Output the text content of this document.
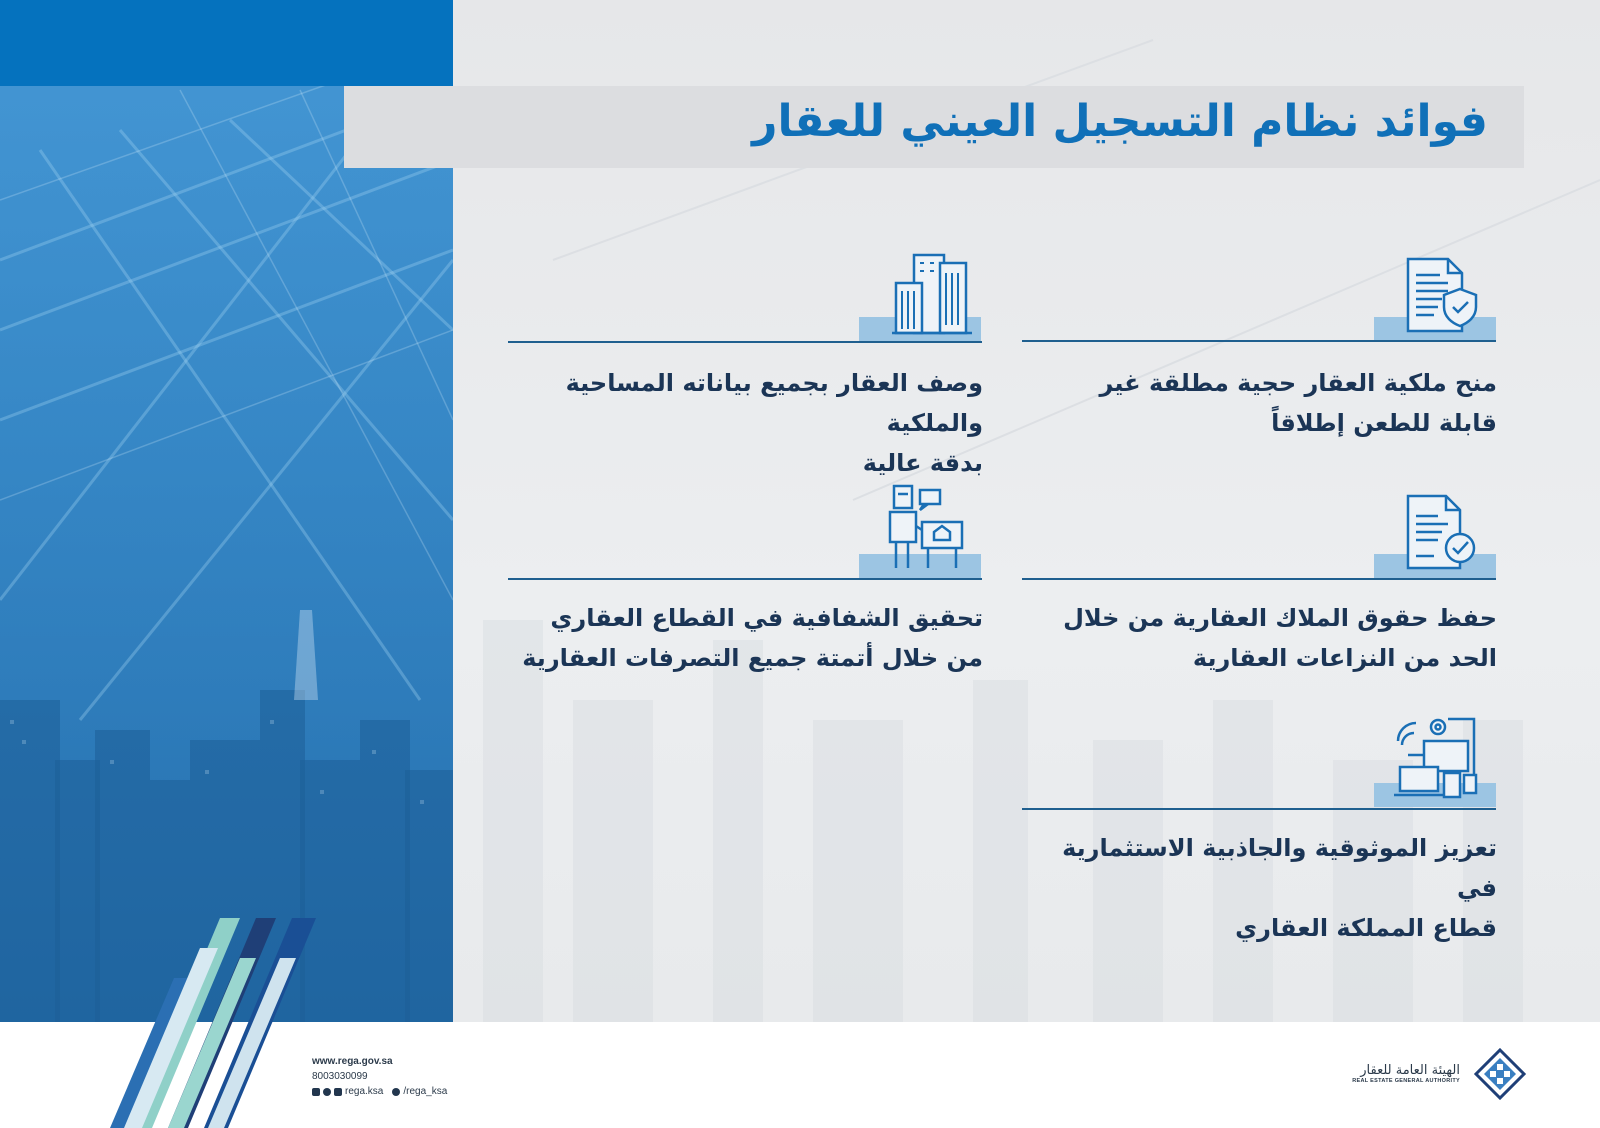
فوائد نظام التسجيل العيني للعقار
منح ملكية العقار حجية مطلقة غير
قابلة للطعن إطلاقاً
وصف العقار بجميع بياناته المساحية والملكية
بدقة عالية
حفظ حقوق الملاك العقارية من خلال
الحد من النزاعات العقارية
تحقيق الشفافية في القطاع العقاري
من خلال أتمتة جميع التصرفات العقارية
تعزيز الموثوقية والجاذبية الاستثمارية في
قطاع المملكة العقاري
www.rega.gov.sa
8003030099
rega.ksa /rega_ksa
الهيئة العامة للعقار
REAL ESTATE GENERAL AUTHORITY
